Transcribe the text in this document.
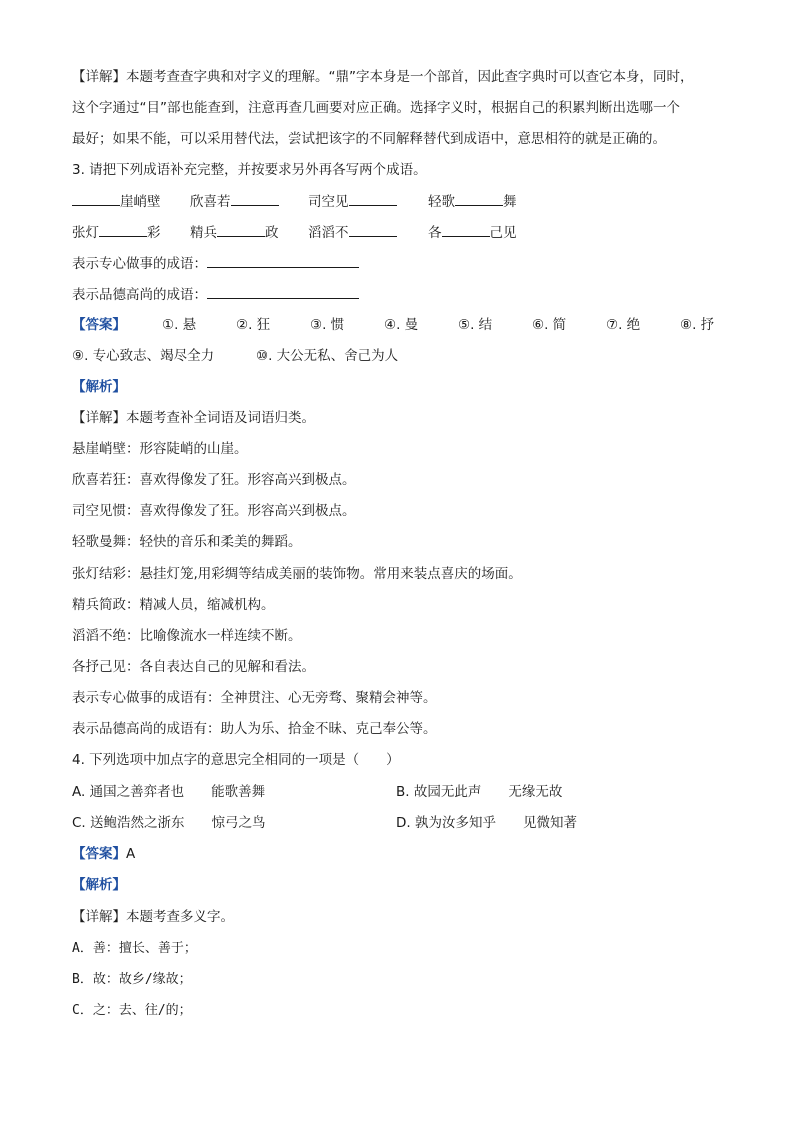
【详解】本题考查查字典和对字义的理解。“鼎”字本身是一个部首，因此查字典时可以查它本身，同时，
这个字通过“目”部也能查到，注意再查几画要对应正确。选择字义时，根据自己的积累判断出选哪一个
最好；如果不能，可以采用替代法，尝试把该字的不同解释替代到成语中，意思相符的就是正确的。
3. 请把下列成语补充完整，并按要求另外再各写两个成语。
崖峭壁 欣喜若	司空见	轻歌	舞
张灯	彩 精兵	政 滔滔不	各	己见
表示专心做事的成语：
表示品德高尚的成语：
【答案】	①. 悬	②. 狂	③. 惯	④. 曼	⑤. 结	⑥. 简	⑦. 绝	⑧. 抒
⑨. 专心致志、竭尽全力	⑩. 大公无私、舍己为人
【解析】
【详解】本题考查补全词语及词语归类。
悬崖峭壁：形容陡峭的山崖。
欣喜若狂：喜欢得像发了狂。形容高兴到极点。
司空见惯：喜欢得像发了狂。形容高兴到极点。
轻歌曼舞：轻快的音乐和柔美的舞蹈。
张灯结彩：悬挂灯笼,用彩绸等结成美丽的装饰物。常用来装点喜庆的场面。
精兵简政：精减人员，缩减机构。
滔滔不绝：比喻像流水一样连续不断。
各抒己见：各自表达自己的见解和看法。
表示专心做事的成语有：全神贯注、心无旁骛、聚精会神等。
表示品德高尚的成语有：助人为乐、拾金不昧、克己奉公等。
4. 下列选项中加点字的意思完全相同的一项是（　　）
A. 通国之善弈者也　　能歌善舞	B. 故园无此声　　无缘无故
C. 送鲍浩然之浙东　　惊弓之鸟	D. 孰为汝多知乎　　见微知著
【答案】A
【解析】
【详解】本题考查多义字。
A．善：擅长、善于；
B．故：故乡/缘故；
C．之：去、往/的；
